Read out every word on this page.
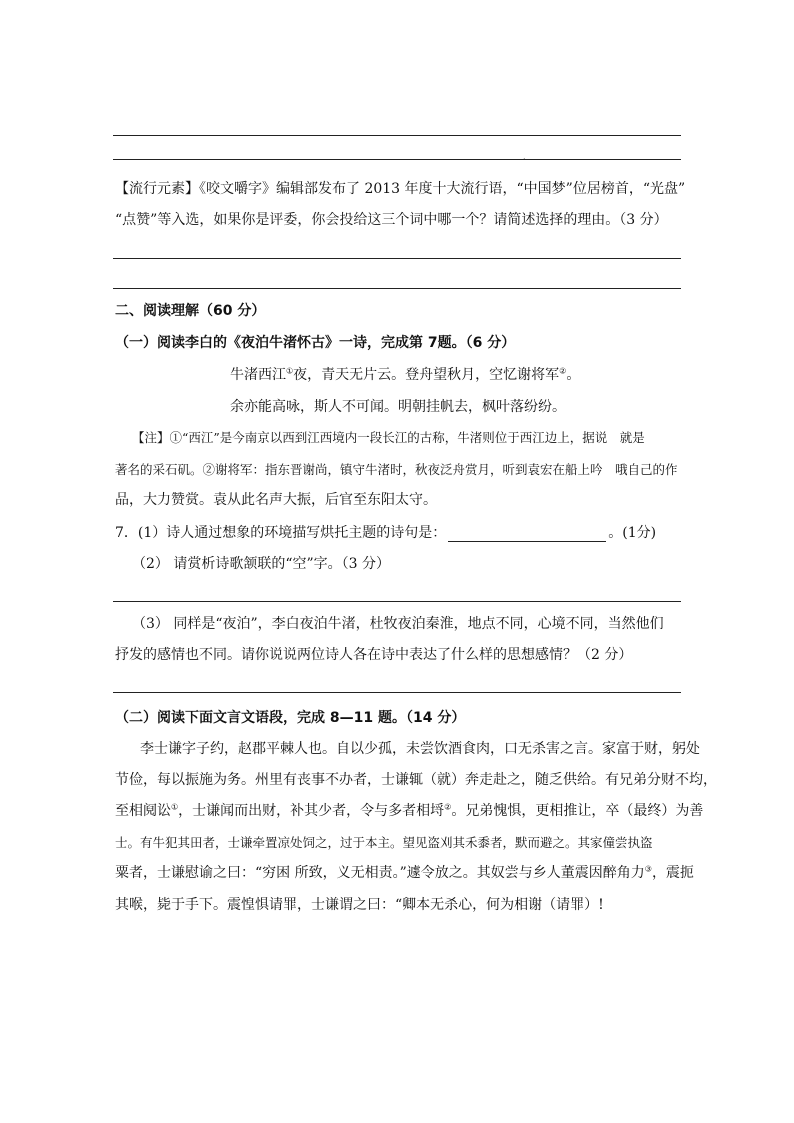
.
【流行元素】《咬文嚼字》编辑部发布了 2013 年度十大流行语，“中国梦”位居榜首，“光盘”
“点赞”等入选，如果你是评委，你会投给这三个词中哪一个？请简述选择的理由。（3 分）
二、阅读理解（60 分）
（一）阅读李白的《夜泊牛渚怀古》一诗，完成第 7题。（6 分）
牛渚西江①夜，青天无片云。登舟望秋月，空忆谢将军②。
余亦能高咏，斯人不可闻。明朝挂帆去，枫叶落纷纷。
【注】①“西江”是今南京以西到江西境内一段长江的古称，牛渚则位于西江边上，据说　就是
著名的采石矶。②谢将军：指东晋谢尚，镇守牛渚时，秋夜泛舟赏月，听到袁宏在船上吟　哦自己的作
品，大力赞赏。袁从此名声大振，后官至东阳太守。
7．(1）诗人通过想象的环境描写烘托主题的诗句是：	。(1分)
（2） 请赏析诗歌颔联的“空”字。（3 分）
（3） 同样是“夜泊”，李白夜泊牛渚，杜牧夜泊秦淮，地点不同，心境不同，当然他们
抒发的感情也不同。请你说说两位诗人各在诗中表达了什么样的思想感情？（2 分）
（二）阅读下面文言文语段，完成 8—11 题。（14 分）
李士谦字子约，赵郡平棘人也。自以少孤，未尝饮酒食肉，口无杀害之言。家富于财，躬处
节俭，每以振施为务。州里有丧事不办者，士谦辄（就）奔走赴之，随乏供给。有兄弟分财不均，
至相阋讼①，士谦闻而出财，补其少者，令与多者相埒②。兄弟愧惧，更相推让，卒（最终）为善
士。有牛犯其田者，士谦牵置凉处饲之，过于本主。望见盗刈其禾黍者，默而避之。其家僮尝执盗
粟者，士谦慰谕之曰：“穷困 所致，义无相责。”遽令放之。其奴尝与乡人董震因醉角力③，震扼
其喉，毙于手下。震惶惧请罪，士谦谓之曰：“卿本无杀心，何为相谢（请罪）!
